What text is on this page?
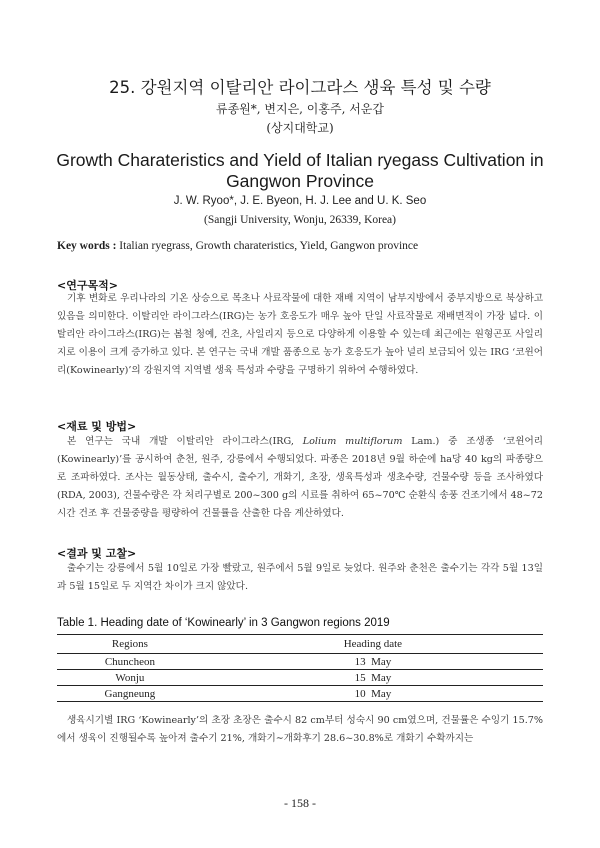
25. 강원지역 이탈리안 라이그라스 생육 특성 및 수량
류종원*, 변지은, 이홍주, 서운갑
(상지대학교)
Growth Charateristics and Yield of Italian ryegass Cultivation in
Gangwon Province
J. W. Ryoo*, J. E. Byeon, H. J. Lee and U. K. Seo
(Sangji University, Wonju, 26339, Korea)
Key words : Italian ryegrass, Growth charateristics, Yield, Gangwon province
<연구목적>
기후 변화로 우리나라의 기온 상승으로 목초나 사료작물에 대한 재배 지역이 남부지방에서 중부지방으로 북상하고 있음을 의미한다. 이탈리안 라이그라스(IRG)는 농가 호응도가 매우 높아 단일 사료작물로 재배면적이 가장 넓다. 이탈리안 라이그라스(IRG)는 봄철 청예, 건초, 사일리지 등으로 다양하게 이용할 수 있는데 최근에는 원형곤포 사일리지로 이용이 크게 증가하고 있다. 본 연구는 국내 개발 품종으로 농가 호응도가 높아 널리 보급되어 있는 IRG ‘코윈어리(Kowinearly)’의 강원지역 지역별 생육 특성과 수량을 구명하기 위하여 수행하였다.
<재료 및 방법>
본 연구는 국내 개발 이탈리안 라이그라스(IRG, Lolium multiflorum Lam.) 중 조생종 ‘코윈어리(Kowinearly)’를 공시하여 춘천, 원주, 강릉에서 수행되었다. 파종은 2018년 9월 하순에 ha당 40 kg의 파종량으로 조파하였다. 조사는 월동상태, 출수시, 출수기, 개화기, 초장, 생육특성과 생초수량, 건물수량 등을 조사하였다(RDA, 2003), 건물수량은 각 처리구별로 200~300 g의 시료를 취하여 65~70℃ 순환식 송풍 건조기에서 48~72시간 건조 후 건물중량을 평량하여 건물률을 산출한 다음 계산하였다.
<결과 및 고찰>
출수기는 강릉에서 5월 10일로 가장 빨랐고, 원주에서 5월 9일로 늦었다. 원주와 춘천은 출수기는 각각 5월 13일과 5월 15일로 두 지역간 차이가 크지 않았다.
Table 1. Heading date of ‘Kowinearly’ in 3 Gangwon regions 2019
Regions	Heading date
Chuncheon	13  May
Wonju	15  May
Gangneung	10  May
생육시기별 IRG ‘Kowinearly’의 초장 초장은 출수시 82 cm부터 성숙시 90 cm였으며, 건물률은 수잉기 15.7%에서 생육이 진행될수록 높아져 출수기 21%, 개화기∼개화후기 28.6~30.8%로 개화기 수확까지는
- 158 -
